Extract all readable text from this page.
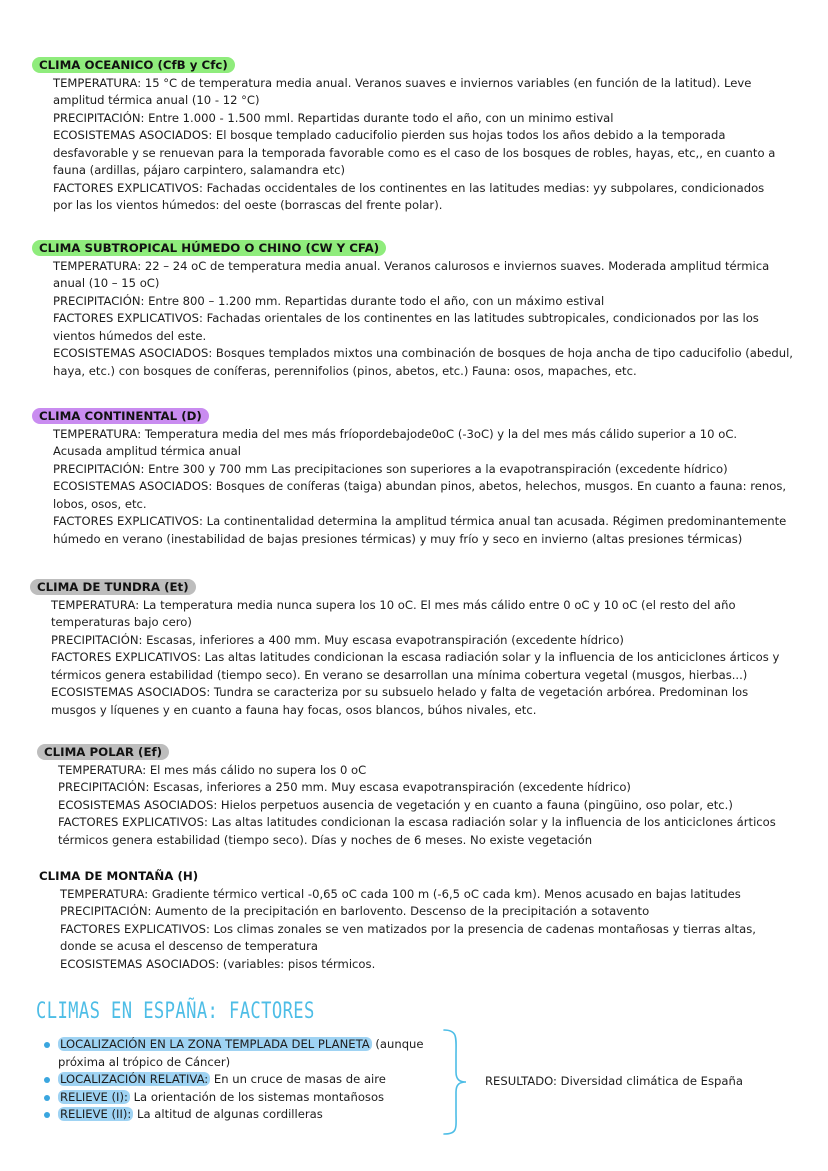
CLIMA OCEANICO (CfB y Cfc)
TEMPERATURA: 15 °C de temperatura media anual. Veranos suaves e inviernos variables (en función de la latitud). Leve
amplitud térmica anual (10 - 12 °C)
PRECIPITACIÓN: Entre 1.000 - 1.500 mml. Repartidas durante todo el año, con un minimo estival
ECOSISTEMAS ASOCIADOS: El bosque templado caducifolio pierden sus hojas todos los años debido a la temporada
desfavorable y se renuevan para la temporada favorable como es el caso de los bosques de robles, hayas, etc,, en cuanto a
fauna (ardillas, pájaro carpintero, salamandra etc)
FACTORES EXPLICATIVOS: Fachadas occidentales de los continentes en las latitudes medias: yy subpolares, condicionados
por las los vientos húmedos: del oeste (borrascas del frente polar).
CLIMA SUBTROPICAL HÚMEDO O CHINO (CW Y CFA)
TEMPERATURA: 22 – 24 oC de temperatura media anual. Veranos calurosos e inviernos suaves. Moderada amplitud térmica
anual (10 – 15 oC)
PRECIPITACIÓN: Entre 800 – 1.200 mm. Repartidas durante todo el año, con un máximo estival
FACTORES EXPLICATIVOS: Fachadas orientales de los continentes en las latitudes subtropicales, condicionados por las los
vientos húmedos del este.
ECOSISTEMAS ASOCIADOS: Bosques templados mixtos una combinación de bosques de hoja ancha de tipo caducifolio (abedul,
haya, etc.) con bosques de coníferas, perennifolios (pinos, abetos, etc.) Fauna: osos, mapaches, etc.
CLIMA CONTINENTAL (D)
TEMPERATURA: Temperatura media del mes más fríopordebajode0oC (-3oC) y la del mes más cálido superior a 10 oC.
Acusada amplitud térmica anual
PRECIPITACIÓN: Entre 300 y 700 mm Las precipitaciones son superiores a la evapotranspiración (excedente hídrico)
ECOSISTEMAS ASOCIADOS: Bosques de coníferas (taiga) abundan pinos, abetos, helechos, musgos. En cuanto a fauna: renos,
lobos, osos, etc.
FACTORES EXPLICATIVOS: La continentalidad determina la amplitud térmica anual tan acusada. Régimen predominantemente
húmedo en verano (inestabilidad de bajas presiones térmicas) y muy frío y seco en invierno (altas presiones térmicas)
CLIMA DE TUNDRA (Et)
TEMPERATURA: La temperatura media nunca supera los 10 oC. El mes más cálido entre 0 oC y 10 oC (el resto del año
temperaturas bajo cero)
PRECIPITACIÓN: Escasas, inferiores a 400 mm. Muy escasa evapotranspiración (excedente hídrico)
FACTORES EXPLICATIVOS: Las altas latitudes condicionan la escasa radiación solar y la influencia de los anticiclones árticos y
térmicos genera estabilidad (tiempo seco). En verano se desarrollan una mínima cobertura vegetal (musgos, hierbas...)
ECOSISTEMAS ASOCIADOS: Tundra se caracteriza por su subsuelo helado y falta de vegetación arbórea. Predominan los
musgos y líquenes y en cuanto a fauna hay focas, osos blancos, búhos nivales, etc.
CLIMA POLAR (Ef)
TEMPERATURA: El mes más cálido no supera los 0 oC
PRECIPITACIÓN: Escasas, inferiores a 250 mm. Muy escasa evapotranspiración (excedente hídrico)
ECOSISTEMAS ASOCIADOS: Hielos perpetuos ausencia de vegetación y en cuanto a fauna (pingüino, oso polar, etc.)
FACTORES EXPLICATIVOS: Las altas latitudes condicionan la escasa radiación solar y la influencia de los anticiclones árticos
térmicos genera estabilidad (tiempo seco). Días y noches de 6 meses. No existe vegetación
CLIMA DE MONTAÑA (H)
TEMPERATURA: Gradiente térmico vertical -0,65 oC cada 100 m (-6,5 oC cada km). Menos acusado en bajas latitudes
PRECIPITACIÓN: Aumento de la precipitación en barlovento. Descenso de la precipitación a sotavento
FACTORES EXPLICATIVOS: Los climas zonales se ven matizados por la presencia de cadenas montañosas y tierras altas,
donde se acusa el descenso de temperatura
ECOSISTEMAS ASOCIADOS: (variables: pisos térmicos.
CLIMAS EN ESPAÑA: FACTORES
LOCALIZACIÓN EN LA ZONA TEMPLADA DEL PLANETA (aunque
próxima al trópico de Cáncer)
LOCALIZACIÓN RELATIVA: En un cruce de masas de aire
RELIEVE (I): La orientación de los sistemas montañosos
RELIEVE (II): La altitud de algunas cordilleras
RESULTADO: Diversidad climática de España
